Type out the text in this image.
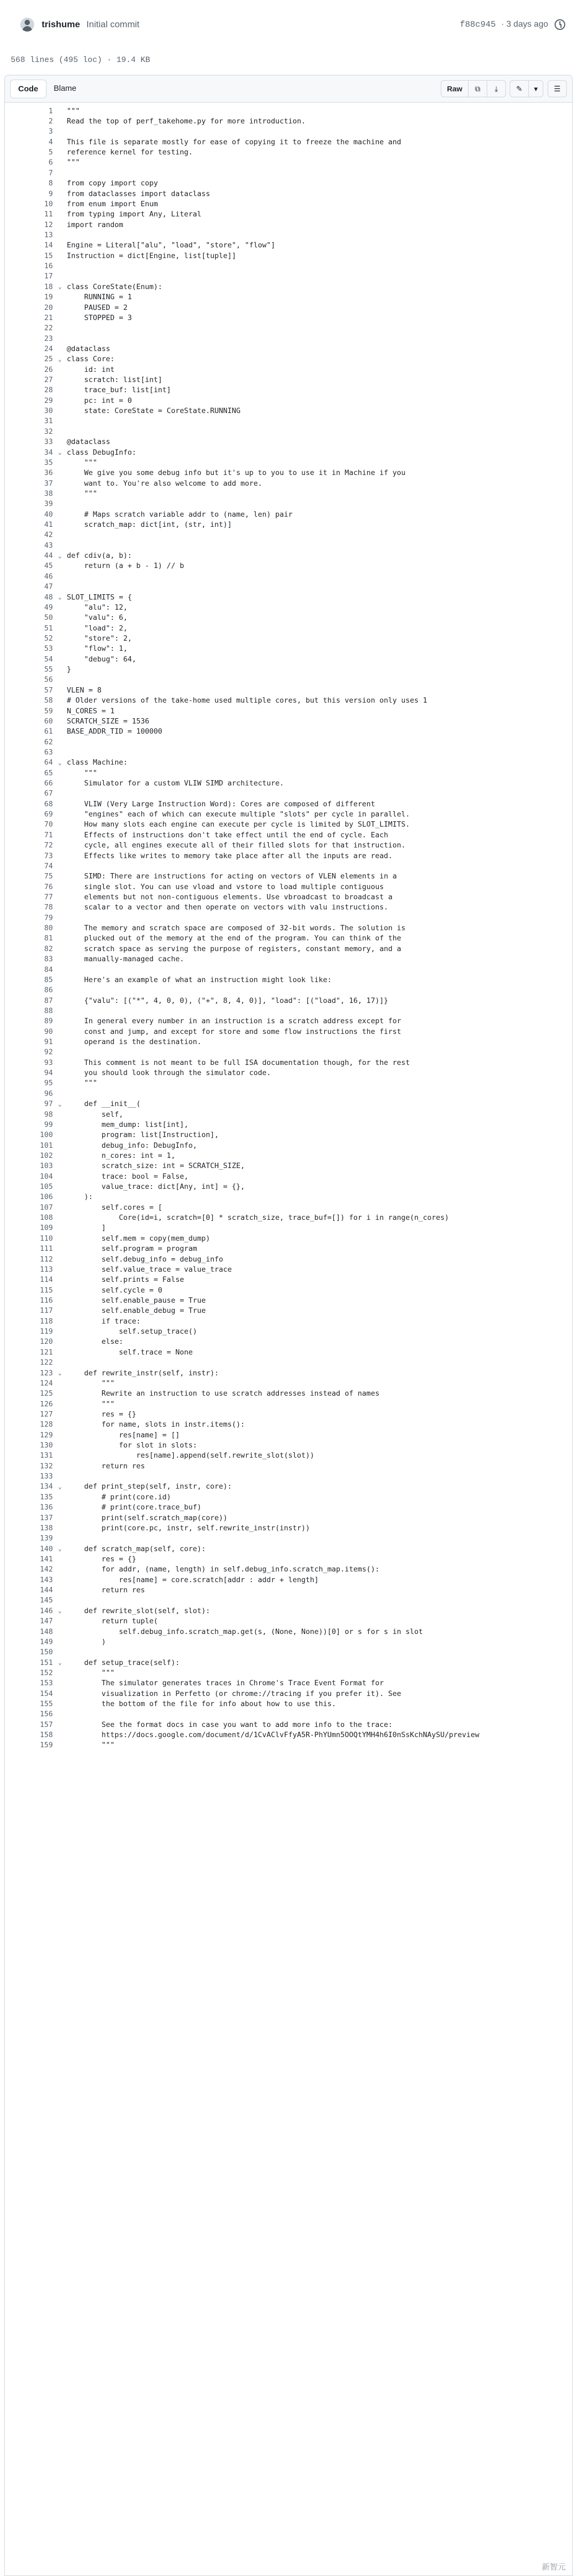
trishume Initial commit	f88c945 · 3 days ago
568 lines (495 loc) · 19.4 KB
Code	Blame	Raw	⧉	⤓	✎	▾	☰
1 """
2 Read the top of perf_takehome.py for more introduction.
3
4 This file is separate mostly for ease of copying it to freeze the machine and
5 reference kernel for testing.
6 """
7
8 from copy import copy
9 from dataclasses import dataclass
10 from enum import Enum
11 from typing import Any, Literal
12 import random
13
14 Engine = Literal["alu", "load", "store", "flow"]
15 Instruction = dict[Engine, list[tuple]]
16
17
18 ⌄ class CoreState(Enum):
19 RUNNING = 1
20 PAUSED = 2
21 STOPPED = 3
22
23
24 @dataclass
25 ⌄ class Core:
26 id: int
27 scratch: list[int]
28 trace_buf: list[int]
29 pc: int = 0
30 state: CoreState = CoreState.RUNNING
31
32
33 @dataclass
34 ⌄ class DebugInfo:
35 """
36 We give you some debug info but it's up to you to use it in Machine if you
37 want to. You're also welcome to add more.
38 """
39
40 # Maps scratch variable addr to (name, len) pair
41 scratch_map: dict[int, (str, int)]
42
43
44 ⌄ def cdiv(a, b):
45 return (a + b - 1) // b
46
47
48 ⌄ SLOT_LIMITS = {
49 "alu": 12,
50 "valu": 6,
51 "load": 2,
52 "store": 2,
53 "flow": 1,
54 "debug": 64,
55 }
56
57 VLEN = 8
58 # Older versions of the take-home used multiple cores, but this version only uses 1
59 N_CORES = 1
60 SCRATCH_SIZE = 1536
61 BASE_ADDR_TID = 100000
62
63
64 ⌄ class Machine:
65 """
66 Simulator for a custom VLIW SIMD architecture.
67
68 VLIW (Very Large Instruction Word): Cores are composed of different
69 "engines" each of which can execute multiple "slots" per cycle in parallel.
70 How many slots each engine can execute per cycle is limited by SLOT_LIMITS.
71 Effects of instructions don't take effect until the end of cycle. Each
72 cycle, all engines execute all of their filled slots for that instruction.
73 Effects like writes to memory take place after all the inputs are read.
74
75 SIMD: There are instructions for acting on vectors of VLEN elements in a
76 single slot. You can use vload and vstore to load multiple contiguous
77 elements but not non-contiguous elements. Use vbroadcast to broadcast a
78 scalar to a vector and then operate on vectors with valu instructions.
79
80 The memory and scratch space are composed of 32-bit words. The solution is
81 plucked out of the memory at the end of the program. You can think of the
82 scratch space as serving the purpose of registers, constant memory, and a
83 manually-managed cache.
84
85 Here's an example of what an instruction might look like:
86
87 {"valu": [("*", 4, 0, 0), ("+", 8, 4, 0)], "load": [("load", 16, 17)]}
88
89 In general every number in an instruction is a scratch address except for
90 const and jump, and except for store and some flow instructions the first
91 operand is the destination.
92
93 This comment is not meant to be full ISA documentation though, for the rest
94 you should look through the simulator code.
95 """
96
97 ⌄ def __init__(
98 self,
99 mem_dump: list[int],
100 program: list[Instruction],
101 debug_info: DebugInfo,
102 n_cores: int = 1,
103 scratch_size: int = SCRATCH_SIZE,
104 trace: bool = False,
105 value_trace: dict[Any, int] = {},
106 ):
107 self.cores = [
108 Core(id=i, scratch=[0] * scratch_size, trace_buf=[]) for i in range(n_cores)
109 ]
110 self.mem = copy(mem_dump)
111 self.program = program
112 self.debug_info = debug_info
113 self.value_trace = value_trace
114 self.prints = False
115 self.cycle = 0
116 self.enable_pause = True
117 self.enable_debug = True
118 if trace:
119 self.setup_trace()
120 else:
121 self.trace = None
122
123 ⌄ def rewrite_instr(self, instr):
124 """
125 Rewrite an instruction to use scratch addresses instead of names
126 """
127 res = {}
128 for name, slots in instr.items():
129 res[name] = []
130 for slot in slots:
131 res[name].append(self.rewrite_slot(slot))
132 return res
133
134 ⌄ def print_step(self, instr, core):
135 # print(core.id)
136 # print(core.trace_buf)
137 print(self.scratch_map(core))
138 print(core.pc, instr, self.rewrite_instr(instr))
139
140 ⌄ def scratch_map(self, core):
141 res = {}
142 for addr, (name, length) in self.debug_info.scratch_map.items():
143 res[name] = core.scratch[addr : addr + length]
144 return res
145
146 ⌄ def rewrite_slot(self, slot):
147 return tuple(
148 self.debug_info.scratch_map.get(s, (None, None))[0] or s for s in slot
149 )
150
151 ⌄ def setup_trace(self):
152 """
153 The simulator generates traces in Chrome's Trace Event Format for
154 visualization in Perfetto (or chrome://tracing if you prefer it). See
155 the bottom of the file for info about how to use this.
156
157 See the format docs in case you want to add more info to the trace:
158 https://docs.google.com/document/d/1CvAClvFfyA5R-PhYUmn5OOQtYMH4h6I0nSsKchNAySU/preview
159 """
新智元
